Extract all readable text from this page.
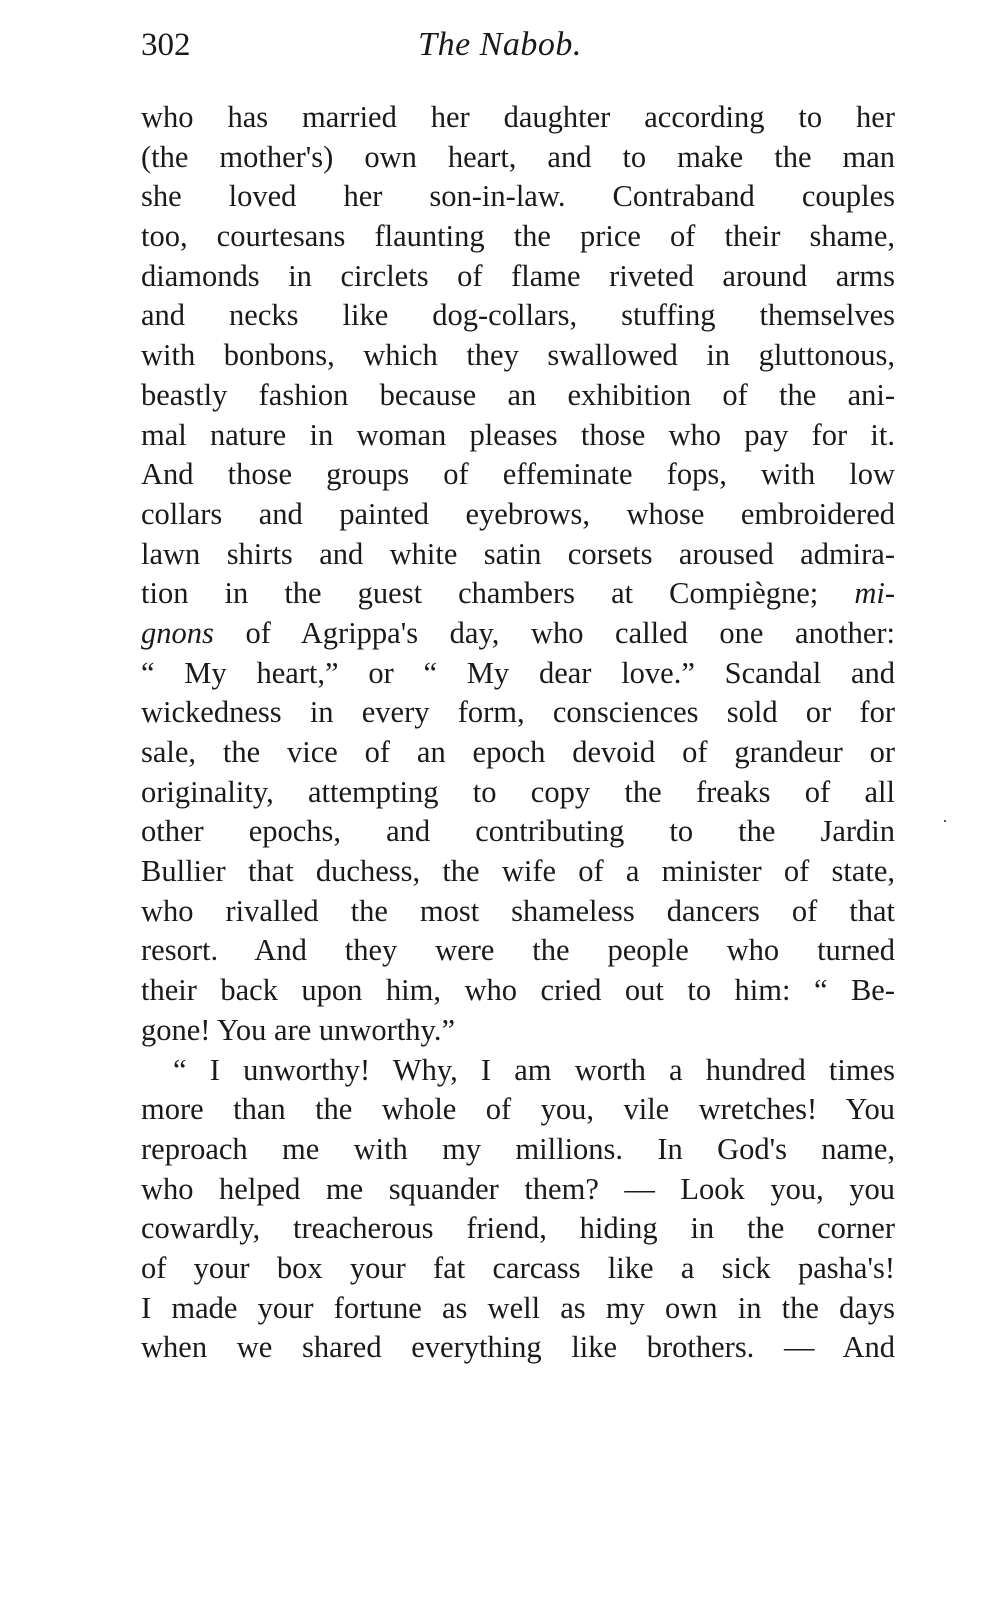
302	The Nabob.
who has married her daughter according to her
(the mother's) own heart, and to make the man
she loved her son-in-law. Contraband couples
too, courtesans flaunting the price of their shame,
diamonds in circlets of flame riveted around arms
and necks like dog-collars, stuffing themselves
with bonbons, which they swallowed in gluttonous,
beastly fashion because an exhibition of the ani-
mal nature in woman pleases those who pay for it.
And those groups of effeminate fops, with low
collars and painted eyebrows, whose embroidered
lawn shirts and white satin corsets aroused admira-
tion in the guest chambers at Compiègne; mi-
gnons of Agrippa's day, who called one another:
“ My heart,” or “ My dear love.” Scandal and
wickedness in every form, consciences sold or for
sale, the vice of an epoch devoid of grandeur or
originality, attempting to copy the freaks of all
other epochs, and contributing to the Jardin
Bullier that duchess, the wife of a minister of state,
who rivalled the most shameless dancers of that
resort. And they were the people who turned
their back upon him, who cried out to him: “ Be-
gone! You are unworthy.”
“ I unworthy! Why, I am worth a hundred times
more than the whole of you, vile wretches! You
reproach me with my millions. In God's name,
who helped me squander them? — Look you, you
cowardly, treacherous friend, hiding in the corner
of your box your fat carcass like a sick pasha's!
I made your fortune as well as my own in the days
when we shared everything like brothers. — And
